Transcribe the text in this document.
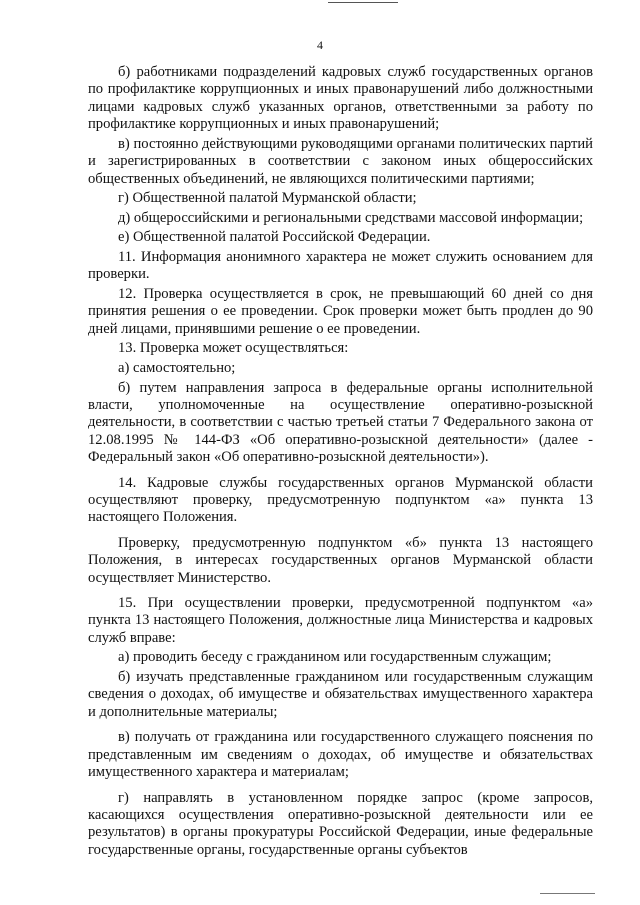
4

б) работниками подразделений кадровых служб государственных органов по профилактике коррупционных и иных правонарушений либо должностными лицами кадровых служб указанных органов, ответственными за работу по профилактике коррупционных и иных правонарушений;

в) постоянно действующими руководящими органами политических партий и зарегистрированных в соответствии с законом иных общероссийских общественных объединений, не являющихся политическими партиями;

г) Общественной палатой Мурманской области;

д) общероссийскими и региональными средствами массовой информации;

е) Общественной палатой Российской Федерации.

11. Информация анонимного характера не может служить основанием для проверки.

12. Проверка осуществляется в срок, не превышающий 60 дней со дня принятия решения о ее проведении. Срок проверки может быть продлен до 90 дней лицами, принявшими решение о ее проведении.

13. Проверка может осуществляться:

а) самостоятельно;

б) путем направления запроса в федеральные органы исполнительной власти, уполномоченные на осуществление оперативно-розыскной деятельности, в соответствии с частью третьей статьи 7 Федерального закона от 12.08.1995 № 144-ФЗ «Об оперативно-розыскной деятельности» (далее - Федеральный закон «Об оперативно-розыскной деятельности»).

14. Кадровые службы государственных органов Мурманской области осуществляют проверку, предусмотренную подпунктом «а» пункта 13 настоящего Положения.

Проверку, предусмотренную подпунктом «б» пункта 13 настоящего Положения, в интересах государственных органов Мурманской области осуществляет Министерство.

15. При осуществлении проверки, предусмотренной подпунктом «а» пункта 13 настоящего Положения, должностные лица Министерства и кадровых служб вправе:

а) проводить беседу с гражданином или государственным служащим;

б) изучать представленные гражданином или государственным служащим сведения о доходах, об имуществе и обязательствах имущественного характера и дополнительные материалы;

в) получать от гражданина или государственного служащего пояснения по представленным им сведениям о доходах, об имуществе и обязательствах имущественного характера и материалам;

г) направлять в установленном порядке запрос (кроме запросов, касающихся осуществления оперативно-розыскной деятельности или ее результатов) в органы прокуратуры Российской Федерации, иные федеральные государственные органы, государственные органы субъектов
